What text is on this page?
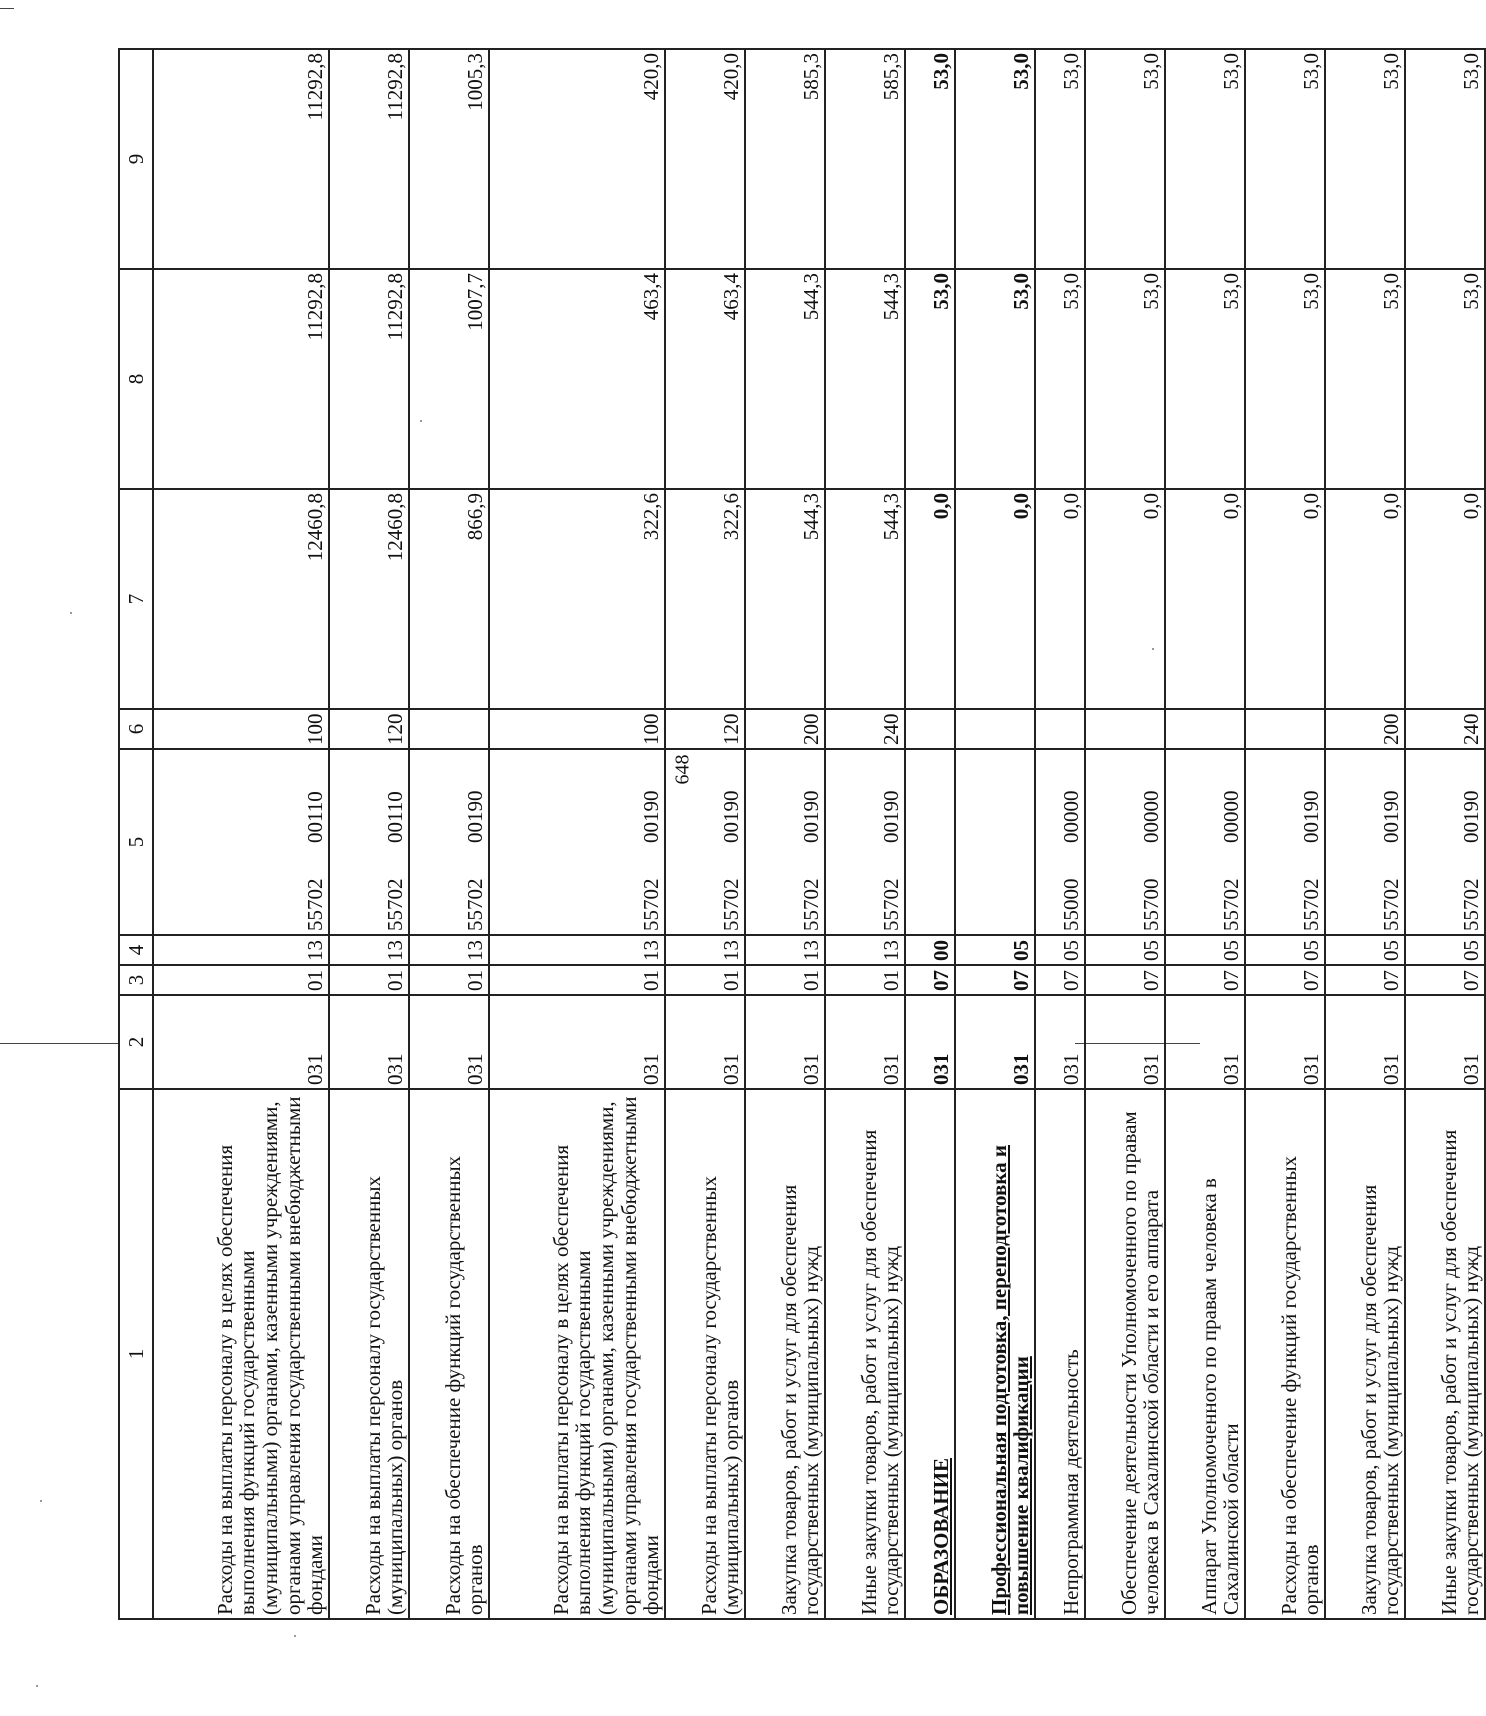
648
1	2	3	4	5	6	7	8	9
Расходы на выплаты персоналу в целях обеспечения выполнения функций государственными (муниципальными) органами, казенными учреждениями, органами управления государственными внебюджетными фондами	031	01	13	5570200110	100	12460,8	11292,8	11292,8
Расходы на выплаты персоналу государственных (муниципальных) органов	031	01	13	5570200110	120	12460,8	11292,8	11292,8
Расходы на обеспечение функций государственных органов	031	01	13	5570200190		866,9	1007,7	1005,3
Расходы на выплаты персоналу в целях обеспечения выполнения функций государственными (муниципальными) органами, казенными учреждениями, органами управления государственными внебюджетными фондами	031	01	13	5570200190	100	322,6	463,4	420,0
Расходы на выплаты персоналу государственных (муниципальных) органов	031	01	13	5570200190	120	322,6	463,4	420,0
Закупка товаров, работ и услуг для обеспечения государственных (муниципальных) нужд	031	01	13	5570200190	200	544,3	544,3	585,3
Иные закупки товаров, работ и услуг для обеспечения государственных (муниципальных) нужд	031	01	13	5570200190	240	544,3	544,3	585,3
ОБРАЗОВАНИЕ	031	07	00			0,0	53,0	53,0
Профессиональная подготовка, переподготовка и повышение квалификации	031	07	05			0,0	53,0	53,0
Непрограммная деятельность	031	07	05	5500000000		0,0	53,0	53,0
Обеспечение деятельности Уполномоченного по правам человека в Сахалинской области и его аппарата	031	07	05	5570000000		0,0	53,0	53,0
Аппарат Уполномоченного по правам человека в Сахалинской области	031	07	05	5570200000		0,0	53,0	53,0
Расходы на обеспечение функций государственных органов	031	07	05	5570200190		0,0	53,0	53,0
Закупка товаров, работ и услуг для обеспечения государственных (муниципальных) нужд	031	07	05	5570200190	200	0,0	53,0	53,0
Иные закупки товаров, работ и услуг для обеспечения государственных (муниципальных) нужд	031	07	05	5570200190	240	0,0	53,0	53,0
